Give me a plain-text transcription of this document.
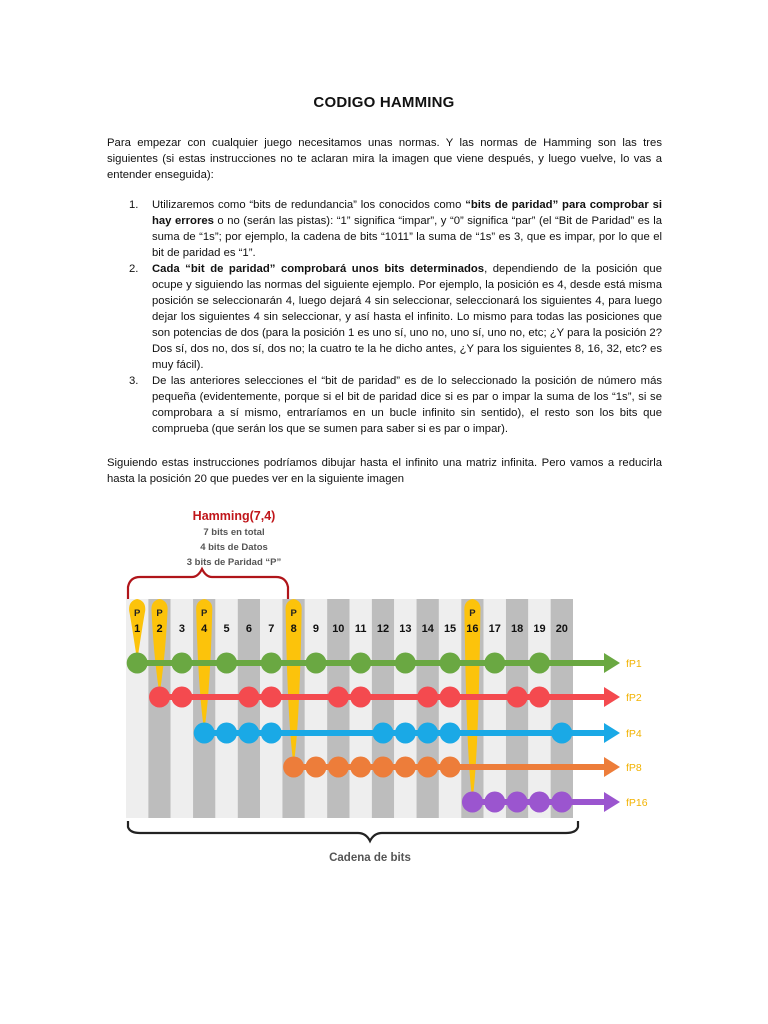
CODIGO HAMMING
Para empezar con cualquier juego necesitamos unas normas. Y las normas de Hamming son las tres siguientes (si estas instrucciones no te aclaran mira la imagen que viene después, y luego vuelve, lo vas a entender enseguida):
1. Utilizaremos como “bits de redundancia” los conocidos como “bits de paridad” para comprobar si hay errores o no (serán las pistas): “1” significa “impar”, y “0” significa “par” (el “Bit de Paridad” es la suma de “1s”; por ejemplo, la cadena de bits “1011” la suma de “1s” es 3, que es impar, por lo que el bit de paridad es “1”.
2. Cada “bit de paridad” comprobará unos bits determinados, dependiendo de la posición que ocupe y siguiendo las normas del siguiente ejemplo. Por ejemplo, la posición es 4, desde está misma posición se seleccionarán 4, luego dejará 4 sin seleccionar, seleccionará los siguientes 4, para luego dejar los siguientes 4 sin seleccionar, y así hasta el infinito. Lo mismo para todas las posiciones que son potencias de dos (para la posición 1 es uno sí, uno no, uno sí, uno no, etc; ¿Y para la posición 2? Dos sí, dos no, dos sí, dos no; la cuatro te la he dicho antes, ¿Y para los siguientes 8, 16, 32, etc? es muy fácil).
3. De las anteriores selecciones el “bit de paridad” es de lo seleccionado la posición de número más pequeña (evidentemente, porque si el bit de paridad dice si es par o impar la suma de los “1s”, si se comprobara a sí mismo, entraríamos en un bucle infinito sin sentido), el resto son los bits que comprueba (que serán los que se sumen para saber si es par o impar).
Siguiendo estas instrucciones podríamos dibujar hasta el infinito una matriz infinita. Pero vamos a reducirla hasta la posición 20 que puedes ver en la siguiente imagen
Hamming(7,4)
7 bits en total
4 bits de Datos
3 bits de Paridad “P”
P P	P	P	P
1 2 3 4 5 6 7 8 9 10 11 12 13 14 15 16 17 18 19 20
fP1
fP2
fP4
fP8
fP16
Cadena de bits
